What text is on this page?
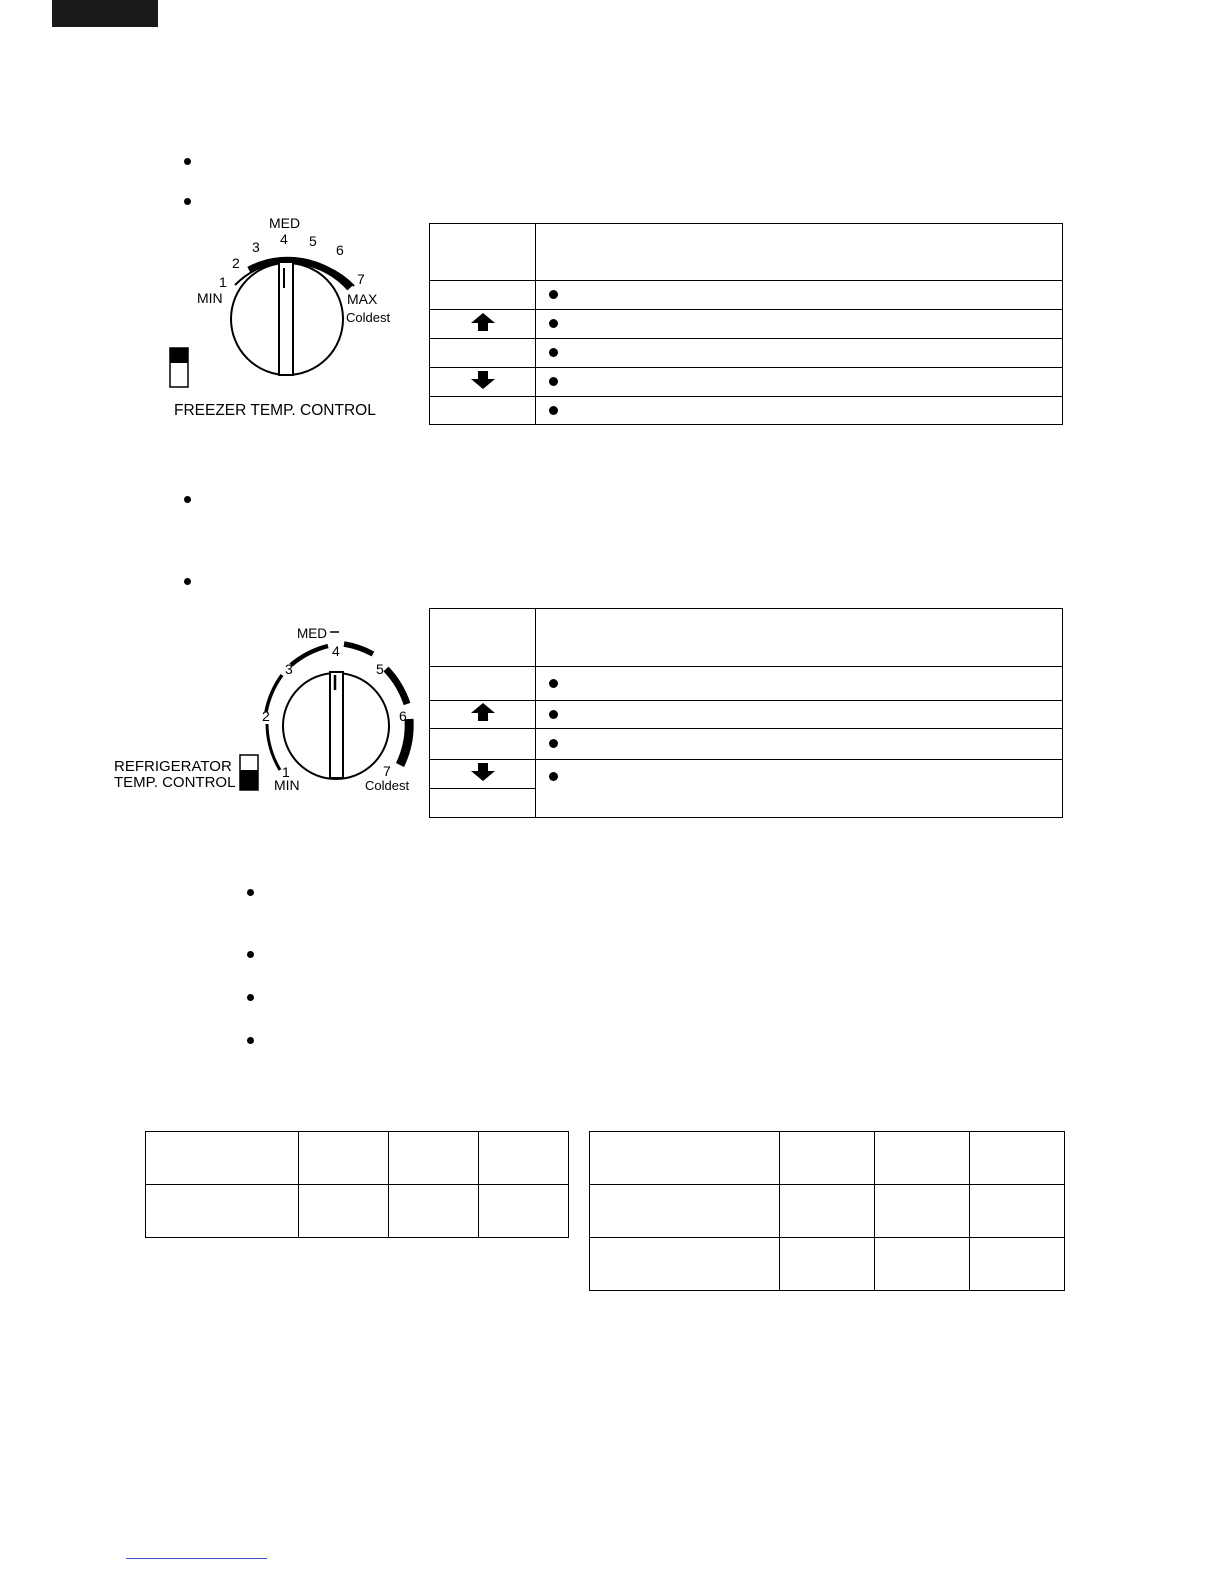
1
2
3 4 5
6
7
MED
MIN	MAX
Coldest
FREEZER TEMP. CONTROL

1
2
3
4
5
6
7
MED
MIN	Coldest
REFRIGERATOR
TEMP. CONTROL
